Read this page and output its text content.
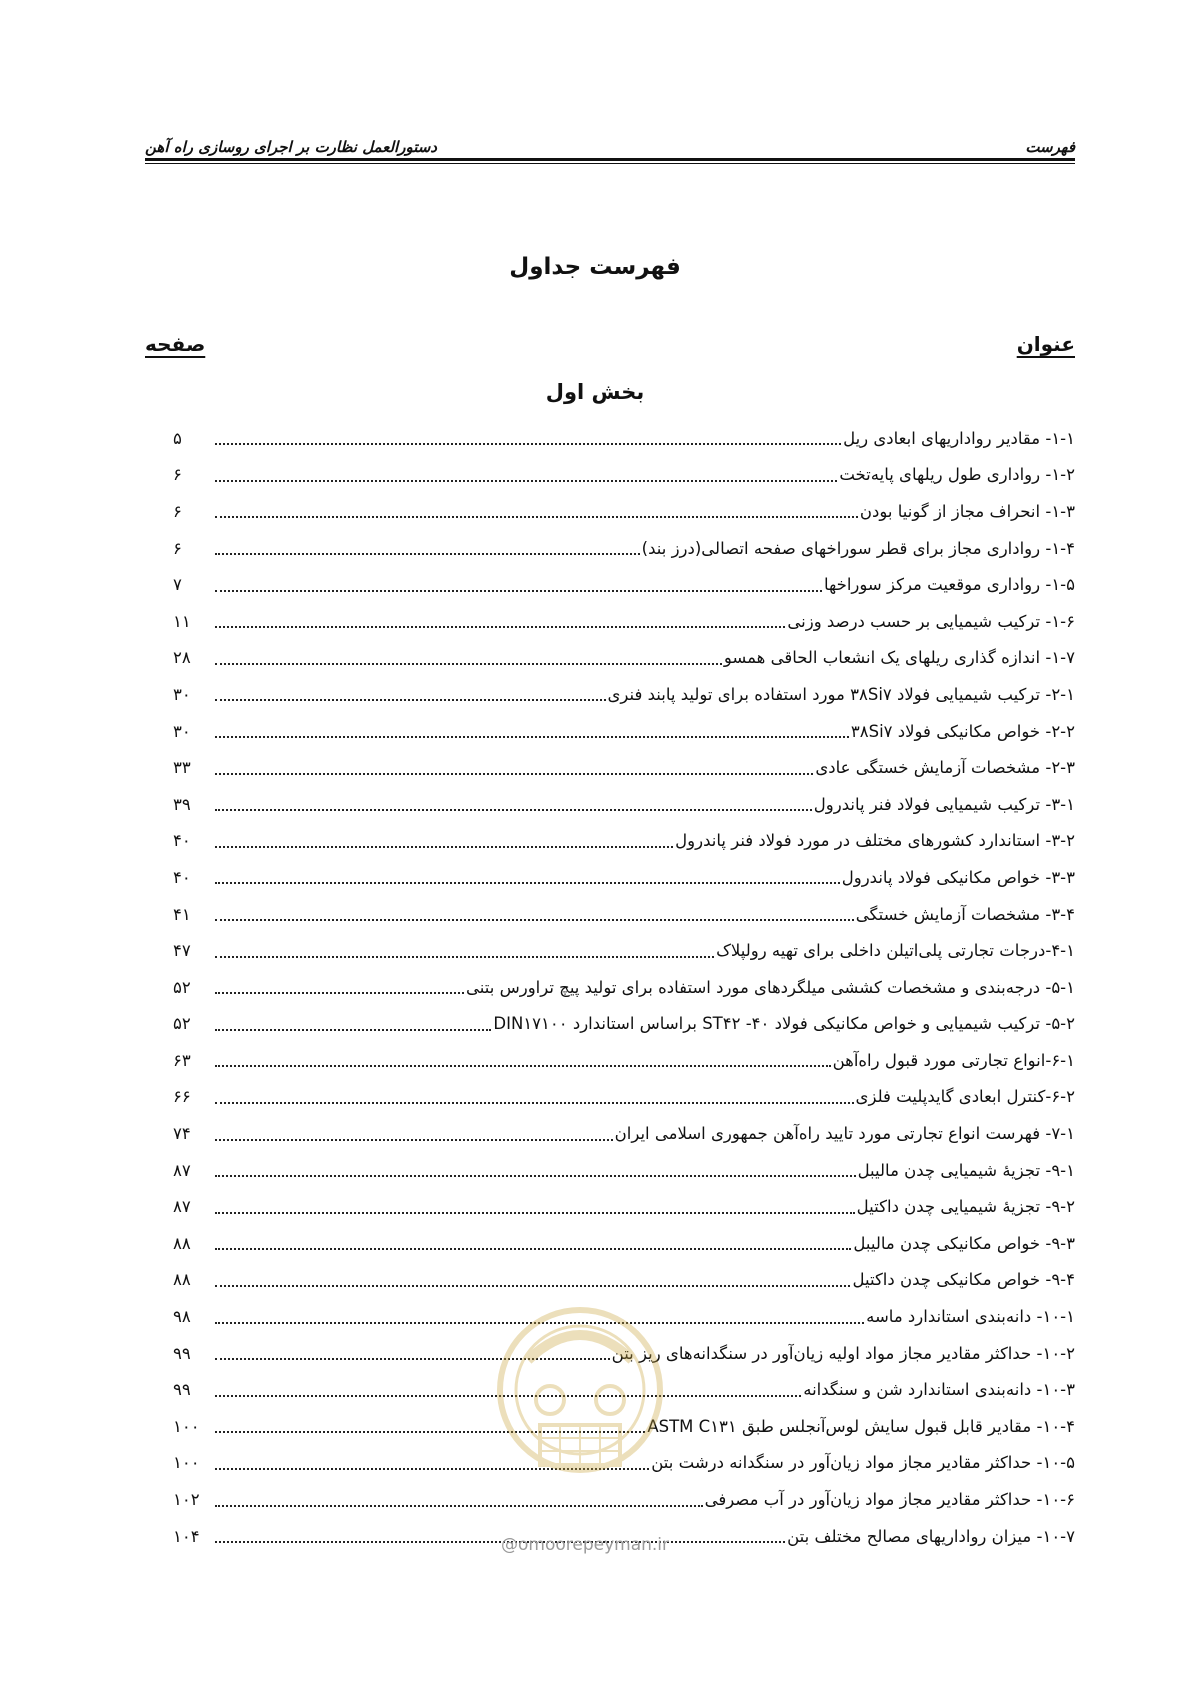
دستورالعمل نظارت بر اجرای روسازی راه آهن	فهرست
فهرست جداول
عنوان
صفحه
بخش اول
۱-۱- مقادیر رواداریهای ابعادی ریل
۵
۱-۲- رواداری طول ریلهای پایه‌تخت
۶
۱-۳- انحراف مجاز از گونیا بودن
۶
۱-۴- رواداری مجاز برای قطر سوراخهای صفحه اتصالی(درز بند)
۶
۱-۵- رواداری موقعیت مرکز سوراخها
۷
۱-۶- ترکیب شیمیایی بر حسب درصد وزنی
۱۱
۱-۷- اندازه گذاری ریلهای یک انشعاب الحاقی همسو
۲۸
۲-۱- ترکیب شیمیایی فولاد ۳۸Si۷ مورد استفاده برای تولید پابند فنری
۳۰
۲-۲- خواص مکانیکی فولاد ۳۸Si۷
۳۰
۲-۳- مشخصات آزمایش خستگی عادی
۳۳
۳-۱- ترکیب شیمیایی فولاد فنر پاندرول
۳۹
۳-۲- استاندارد کشورهای مختلف در مورد فولاد فنر پاندرول
۴۰
۳-۳- خواص مکانیکی فولاد پاندرول
۴۰
۳-۴- مشخصات آزمایش خستگی
۴۱
۴-۱-درجات تجارتی پلی‌اتیلن داخلی برای تهیه رولپلاک
۴۷
۵-۱- درجه‌بندی و مشخصات کششی میلگردهای مورد استفاده برای تولید پیچ تراورس بتنی
۵۲
۵-۲- ترکیب شیمیایی و خواص مکانیکی فولاد ۴۰- ST۴۲ براساس استاندارد DIN۱۷۱۰۰
۵۲
۶-۱-انواع تجارتی مورد قبول راه‌آهن
۶۳
۶-۲-کنترل ابعادی گایدپلیت فلزی
۶۶
۷-۱- فهرست انواع تجارتی مورد تایید راه‌آهن جمهوری اسلامی ایران
۷۴
۹-۱- تجزیۀ شیمیایی چدن مالیبل
۸۷
۹-۲- تجزیۀ شیمیایی چدن داکتیل
۸۷
۹-۳- خواص مکانیکی چدن مالیبل
۸۸
۹-۴- خواص مکانیکی چدن داکتیل
۸۸
۱۰-۱- دانه‌بندی استاندارد ماسه
۹۸
۱۰-۲- حداکثر مقادیر مجاز مواد اولیه زیان‌آور در سنگدانه‌های ریز بتن
۹۹
۱۰-۳- دانه‌بندی استاندارد شن و سنگدانه
۹۹
۱۰-۴- مقادیر قابل قبول سایش لوس‌آنجلس طبق ASTM C۱۳۱
۱۰۰
۱۰-۵- حداکثر مقادیر مجاز مواد زیان‌آور در سنگدانه درشت بتن
۱۰۰
۱۰-۶- حداکثر مقادیر مجاز مواد زیان‌آور در آب مصرفی
۱۰۲
۱۰-۷- میزان رواداریهای مصالح مختلف بتن
۱۰۴	@omoorepeyman.ir
